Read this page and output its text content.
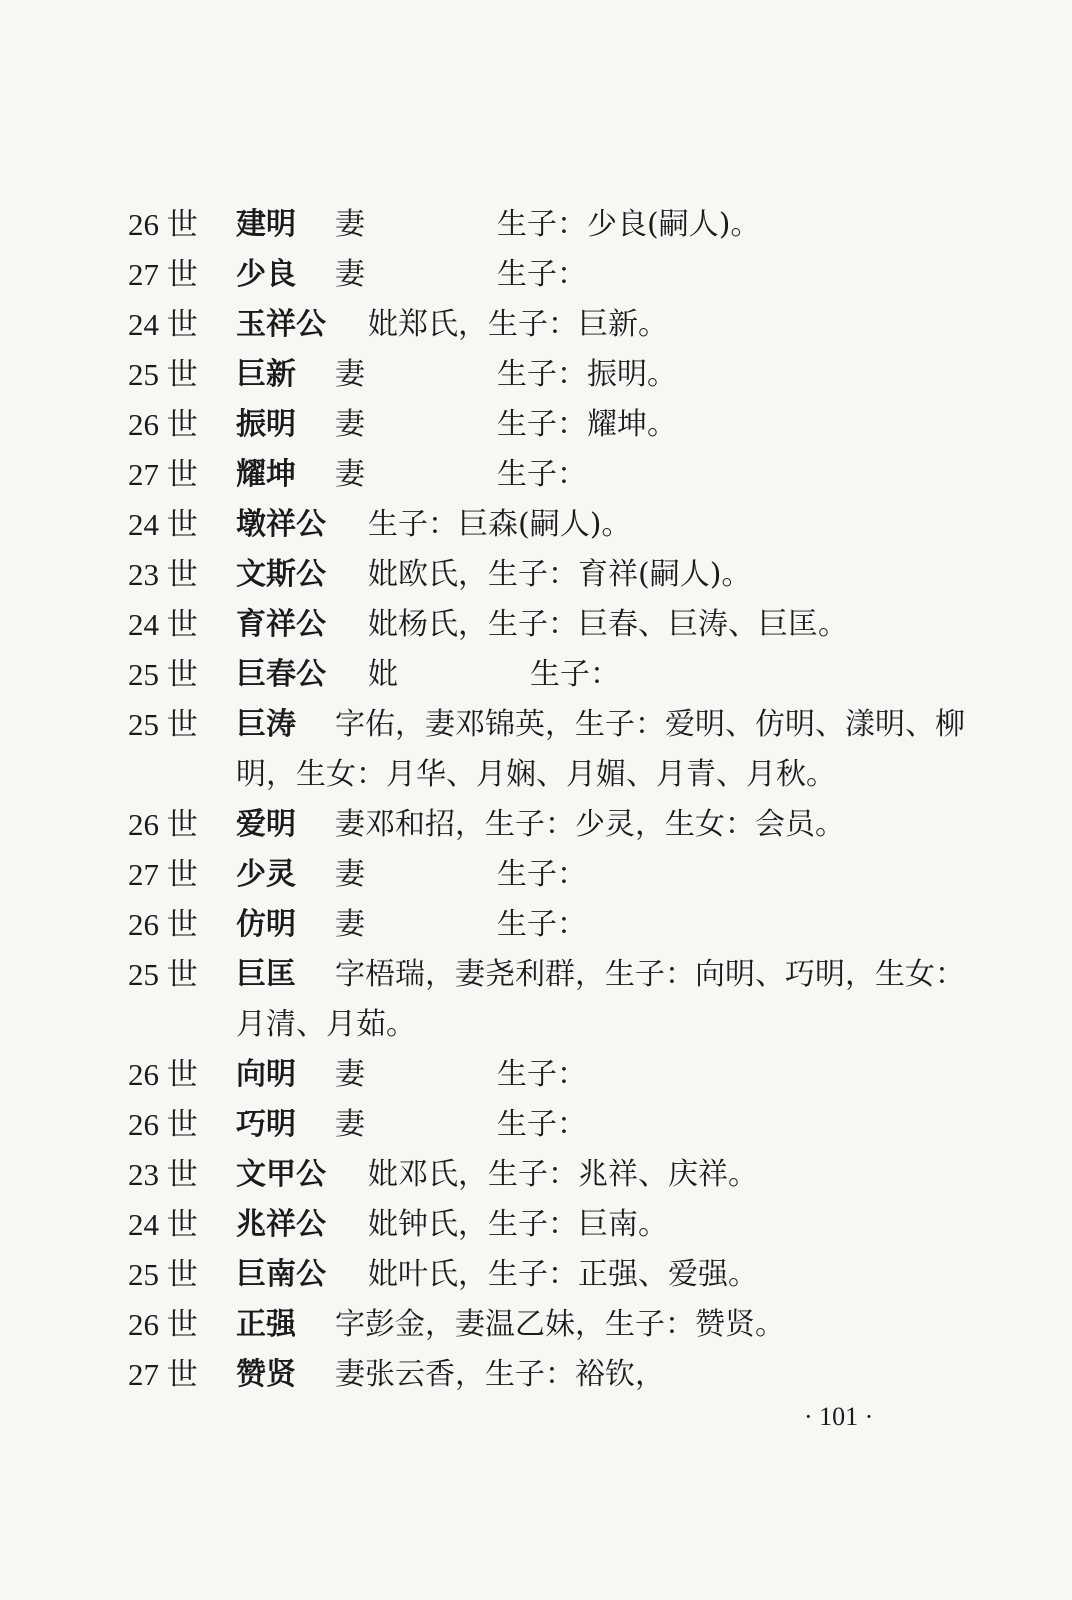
26 世	建明	妻	生子：少良(嗣人)。
27 世	少良	妻	生子：
24 世	玉祥公	妣郑氏，生子：巨新。
25 世	巨新	妻	生子：振明。
26 世	振明	妻	生子：耀坤。
27 世	耀坤	妻	生子：
24 世	墩祥公	生子：巨森(嗣人)。
23 世	文斯公	妣欧氏，生子：育祥(嗣人)。
24 世	育祥公	妣杨氏，生子：巨春、巨涛、巨匡。
25 世	巨春公	妣	生子：
25 世	巨涛	字佑，妻邓锦英，生子：爱明、仿明、漾明、柳
明，生女：月华、月娴、月媚、月青、月秋。
26 世	爱明	妻邓和招，生子：少灵，生女：会员。
27 世	少灵	妻	生子：
26 世	仿明	妻	生子：
25 世	巨匡	字梧瑞，妻尧利群，生子：向明、巧明，生女：
月清、月茹。
26 世	向明	妻	生子：
26 世	巧明	妻	生子：
23 世	文甲公	妣邓氏，生子：兆祥、庆祥。
24 世	兆祥公	妣钟氏，生子：巨南。
25 世	巨南公	妣叶氏，生子：正强、爱强。
26 世	正强	字彭金，妻温乙妹，生子：赞贤。
27 世	赞贤	妻张云香，生子：裕钦，
· 101 ·
